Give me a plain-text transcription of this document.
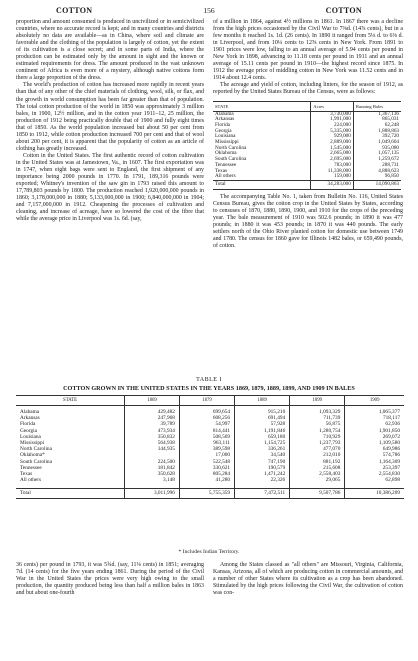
COTTON	156	COTTON

proportion and amount consumed is produced in uncivilized or in semicivilized countries, where no accurate record is kept; and in many countries and districts absolutely no data are available—as in China, where soil and climate are favorable and the clothing of the population is largely of cotton, yet the extent of its cultivation is a close secret; and in some parts of India, where the production can be estimated only by the amount in sight and the known or estimated requirements for dress. The amount produced in the vast unknown continent of Africa is even more of a mystery, although native cottons form there a large proportion of the dress.

The world's production of cotton has increased more rapidly in recent years than that of any other of the chief materials of clothing, wool, silk, or flax, and the growth in world consumption has been far greater than that of population. The total cotton production of the world in 1850 was approximately 3 million bales, in 1900, 12½ million, and in the cotton year 1911–12, 25 million, the production of 1912 being practically double that of 1900 and fully eight times that of 1850. As the world population increased but about 50 per cent from 1850 to 1912, while cotton production increased 700 per cent and that of wool about 200 per cent, it is apparent that the popularity of cotton as an article of clothing has greatly increased.

Cotton in the United States. The first authentic record of cotton cultivation in the United States was at Jamestown, Va., in 1607. The first exportation was in 1747, when eight bags were sent to England, the first shipment of any importance being 2000 pounds in 1770. In 1791, 189,316 pounds were exported; Whitney's invention of the saw gin in 1793 raised this amount to 17,789,803 pounds by 1800. The production reached 1,920,000,000 pounds in 1860; 3,178,000,000 in 1880; 5,133,000,000 in 1900; 6,840,000,000 in 1904; and 7,157,000,000 in 1912. Cheapening the processes of cultivation and cleaning, and increase of acreage, have so lowered the cost of the fibre that while the average price in Liverpool was 1s. 6d. (say,

of a million in 1864, against 4½ millions in 1861. In 1867 there was a decline from the high prices occasioned by the Civil War to 7⅜d. (14⅞ cents), but in a few months it reached 1s. 1d. (26 cents). In 1890 it ranged from 5⅛ d. to 6⅜ d. in Liverpool, and from 10¼ cents to 12⅝ cents in New York. From 1891 to 1901 prices were low, falling to an annual average of 5.94 cents per pound in New York in 1898, advancing to 11.18 cents per pound in 1911 and an annual average of 15.11 cents per pound in 1910—the highest record since 1875. In 1912 the average price of middling cotton in New York was 11.52 cents and in 1914 about 12.4 cents.

The acreage and yield of cotton, including linters, for the season of 1912, as reported by the United States Bureau of the Census, were as follows:

STATE	Acres	Running Bales
Alabama	3,730,000	1,367,136
Arkansas	1,991,000	865,031
Florida	224,000	62,248
Georgia	5,335,000	1,888,863
Louisiana	929,000	392,720
Mississippi	2,889,000	1,049,604
North Carolina	1,545,000	935,080
Oklahoma	2,665,000	1,057,135
South Carolina	2,695,000	1,259,672
Tennessee	783,000	288,731
Texas	11,338,000	4,888,623
All others	159,000	96,850
Total	34,283,000	14,090,863

The accompanying Table No. 1, taken from Bulletin No. 116, United States Census Bureau, gives the cotton crop in the United States by States, according to censuses of 1870, 1880, 1890, 1900, and 1910 for the crops of the preceding year. The bale measurement of 1910 was 502.6 pounds; in 1890 it was 477 pounds; in 1880 it was 453 pounds; in 1870 it was 440 pounds. The early settlers north of the Ohio River planted cotton for domestic use between 1749 and 1780. The census for 1860 gave for Illinois 1482 bales, or 659,490 pounds, of cotton.

TABLE I
COTTON GROWN IN THE UNITED STATES IN THE YEARS 1869, 1879, 1889, 1899, AND 1909 IN BALES
STATE	1869	1879	1889	1899	1909
Alabama	429,482	699,654	915,210	1,093,329	1,065,377
Arkansas	247,968	608,256	691,494	711,739	718,117
Florida	39,789	54,997	57,928	56,875	62,936
Georgia	473,934	814,441	1,191,846	1,280,754	1,901,850
Louisiana	350,832	508,569	659,180	710,929	269,072
Mississippi	564,938	963,111	1,154,725	1,237,793	1,109,580
North Carolina	144,935	389,598	336,261	477,070	649,986
Oklahoma*		17,000	34,540	212,010	574,786
South Carolina	224,500	522,548	747,190	881,192	1,164,309
Tennessee	181,842	330,621	190,579	215,608	253,397
Texas	350,628	805,284	1,471,242	2,558,403	2,554,830
All others	3,148	41,280	22,326	29,065	62,898

Total	3,011,996	5,755,359	7,472,511	9,507,786	10,386,209
* Includes Indian Territory.

36 cents) per pound in 1793, it was 5¾d. (say, 11⅛ cents) in 1851; averaging 7d. (14 cents) for the five years ending 1861. During the period of the Civil War in the United States the prices were very high owing to the small production, the quantity produced being less than half a million bales in 1863 and but about one-fourth

Among the States classed as "all others" are Missouri, Virginia, California, Kansas, Arizona, all of which are producing cotton in commercial amounts, and a number of other States where its cultivation as a crop has been abandoned. Stimulated by the high prices following the Civil War, the cultivation of cotton was con-
